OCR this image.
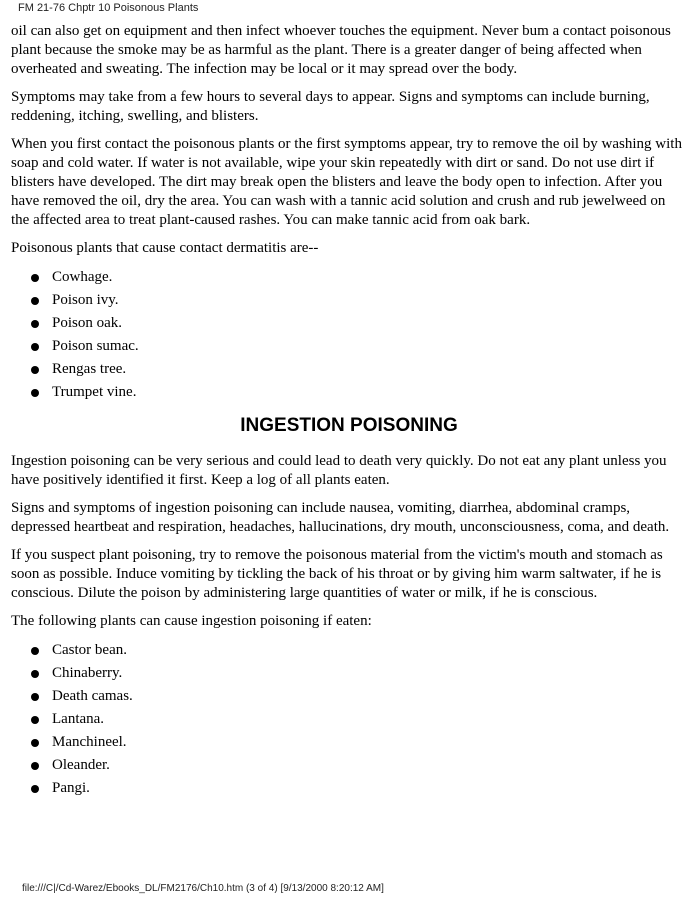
FM 21-76 Chptr 10 Poisonous Plants

oil can also get on equipment and then infect whoever touches the equipment. Never bum a contact poisonous plant because the smoke may be as harmful as the plant. There is a greater danger of being affected when overheated and sweating. The infection may be local or it may spread over the body.

Symptoms may take from a few hours to several days to appear. Signs and symptoms can include burning, reddening, itching, swelling, and blisters.

When you first contact the poisonous plants or the first symptoms appear, try to remove the oil by washing with soap and cold water. If water is not available, wipe your skin repeatedly with dirt or sand. Do not use dirt if blisters have developed. The dirt may break open the blisters and leave the body open to infection. After you have removed the oil, dry the area. You can wash with a tannic acid solution and crush and rub jewelweed on the affected area to treat plant-caused rashes. You can make tannic acid from oak bark.

Poisonous plants that cause contact dermatitis are--

Cowhage.
Poison ivy.
Poison oak.
Poison sumac.
Rengas tree.
Trumpet vine.
INGESTION POISONING

Ingestion poisoning can be very serious and could lead to death very quickly. Do not eat any plant unless you have positively identified it first. Keep a log of all plants eaten.

Signs and symptoms of ingestion poisoning can include nausea, vomiting, diarrhea, abdominal cramps, depressed heartbeat and respiration, headaches, hallucinations, dry mouth, unconsciousness, coma, and death.

If you suspect plant poisoning, try to remove the poisonous material from the victim's mouth and stomach as soon as possible. Induce vomiting by tickling the back of his throat or by giving him warm saltwater, if he is conscious. Dilute the poison by administering large quantities of water or milk, if he is conscious.

The following plants can cause ingestion poisoning if eaten:

Castor bean.
Chinaberry.
Death camas.
Lantana.
Manchineel.
Oleander.
Pangi.
file:///C|/Cd-Warez/Ebooks_DL/FM2176/Ch10.htm (3 of 4) [9/13/2000 8:20:12 AM]
